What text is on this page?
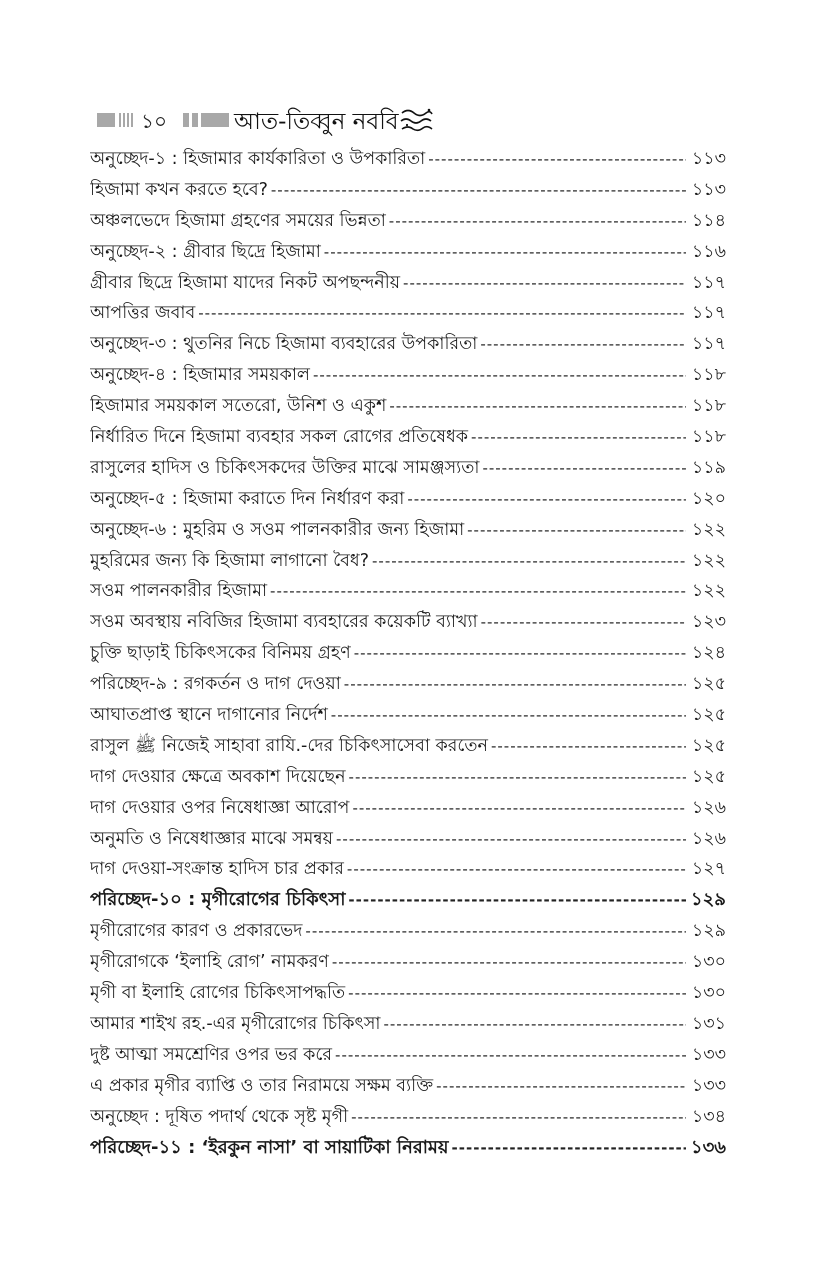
১০	আত-তিব্বুন নববি
অনুচ্ছেদ-১ : হিজামার কার্যকারিতা ও উপকারিতা -----	১১৩
হিজামা কখন করতে হবে? -----	১১৩
অঞ্চলভেদে হিজামা গ্রহণের সময়ের ভিন্নতা -----	১১৪
অনুচ্ছেদ-২ : গ্রীবার ছিদ্রে হিজামা -----	১১৬
গ্রীবার ছিদ্রে হিজামা যাদের নিকট অপছন্দনীয় -----	১১৭
আপত্তির জবাব -----	১১৭
অনুচ্ছেদ-৩ : থুতনির নিচে হিজামা ব্যবহারের উপকারিতা -----	১১৭
অনুচ্ছেদ-৪ : হিজামার সময়কাল -----	১১৮
হিজামার সময়কাল সতেরো, উনিশ ও একুশ -----	১১৮
নির্ধারিত দিনে হিজামা ব্যবহার সকল রোগের প্রতিষেধক -----	১১৮
রাসুলের হাদিস ও চিকিৎসকদের উক্তির মাঝে সামঞ্জস্যতা -----	১১৯
অনুচ্ছেদ-৫ : হিজামা করাতে দিন নির্ধারণ করা -----	১২০
অনুচ্ছেদ-৬ : মুহরিম ও সওম পালনকারীর জন্য হিজামা -----	১২২
মুহরিমের জন্য কি হিজামা লাগানো বৈধ? -----	১২২
সওম পালনকারীর হিজামা -----	১২২
সওম অবস্থায় নবিজির হিজামা ব্যবহারের কয়েকটি ব্যাখ্যা -----	১২৩
চুক্তি ছাড়াই চিকিৎসকের বিনিময় গ্রহণ -----	১২৪
পরিচ্ছেদ-৯ : রগকর্তন ও দাগ দেওয়া -----	১২৫
আঘাতপ্রাপ্ত স্থানে দাগানোর নির্দেশ -----	১২৫
রাসুল ﷺ নিজেই সাহাবা রাযি.-দের চিকিৎসাসেবা করতেন -----	১২৫
দাগ দেওয়ার ক্ষেত্রে অবকাশ দিয়েছেন -----	১২৫
দাগ দেওয়ার ওপর নিষেধাজ্ঞা আরোপ -----	১২৬
অনুমতি ও নিষেধাজ্ঞার মাঝে সমন্বয় -----	১২৬
দাগ দেওয়া-সংক্রান্ত হাদিস চার প্রকার -----	১২৭
পরিচ্ছেদ-১০ : মৃগীরোগের চিকিৎসা -----	১২৯
মৃগীরোগের কারণ ও প্রকারভেদ -----	১২৯
মৃগীরোগকে ‘ইলাহি রোগ’ নামকরণ -----	১৩০
মৃগী বা ইলাহি রোগের চিকিৎসাপদ্ধতি -----	১৩০
আমার শাইখ রহ.-এর মৃগীরোগের চিকিৎসা -----	১৩১
দুষ্ট আত্মা সমশ্রেণির ওপর ভর করে -----	১৩৩
এ প্রকার মৃগীর ব্যাপ্তি ও তার নিরাময়ে সক্ষম ব্যক্তি -----	১৩৩
অনুচ্ছেদ : দূষিত পদার্থ থেকে সৃষ্ট মৃগী -----	১৩৪
পরিচ্ছেদ-১১ : ‘ইরকুন নাসা’ বা সায়াটিকা নিরাময় -----	১৩৬
